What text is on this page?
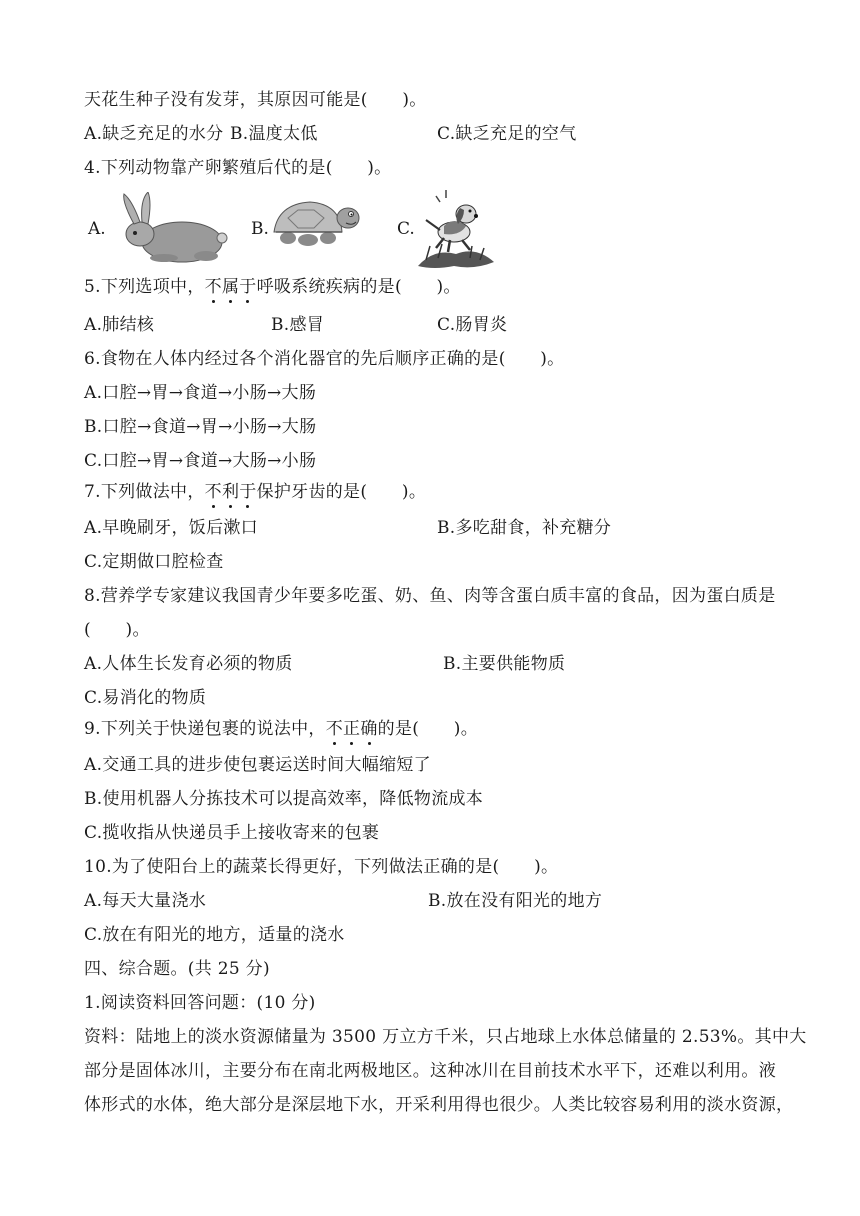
天花生种子没有发芽，其原因可能是(　　)。
A.缺乏充足的水分 B.温度太低	C.缺乏充足的空气
4.下列动物靠产卵繁殖后代的是(　　)。
A.	B.	C.
5.下列选项中，不属于呼吸系统疾病的是(　　)。
A.肺结核	B.感冒	C.肠胃炎
6.食物在人体内经过各个消化器官的先后顺序正确的是(　　)。
A.口腔→胃→食道→小肠→大肠
B.口腔→食道→胃→小肠→大肠
C.口腔→胃→食道→大肠→小肠
7.下列做法中，不利于保护牙齿的是(　　)。
A.早晚刷牙，饭后漱口	B.多吃甜食，补充糖分
C.定期做口腔检查
8.营养学专家建议我国青少年要多吃蛋、奶、鱼、肉等含蛋白质丰富的食品，因为蛋白质是
(　　)。
A.人体生长发育必须的物质	B.主要供能物质
C.易消化的物质
9.下列关于快递包裹的说法中，不正确的是(　　)。
A.交通工具的进步使包裹运送时间大幅缩短了
B.使用机器人分拣技术可以提高效率，降低物流成本
C.揽收指从快递员手上接收寄来的包裹
10.为了使阳台上的蔬菜长得更好，下列做法正确的是(　　)。
A.每天大量浇水	B.放在没有阳光的地方
C.放在有阳光的地方，适量的浇水
四、综合题。(共 25 分)
1.阅读资料回答问题：(10 分)
资料：陆地上的淡水资源储量为 3500 万立方千米，只占地球上水体总储量的 2.53%。其中大
部分是固体冰川，主要分布在南北两极地区。这种冰川在目前技术水平下，还难以利用。液
体形式的水体，绝大部分是深层地下水，开采利用得也很少。人类比较容易利用的淡水资源，
